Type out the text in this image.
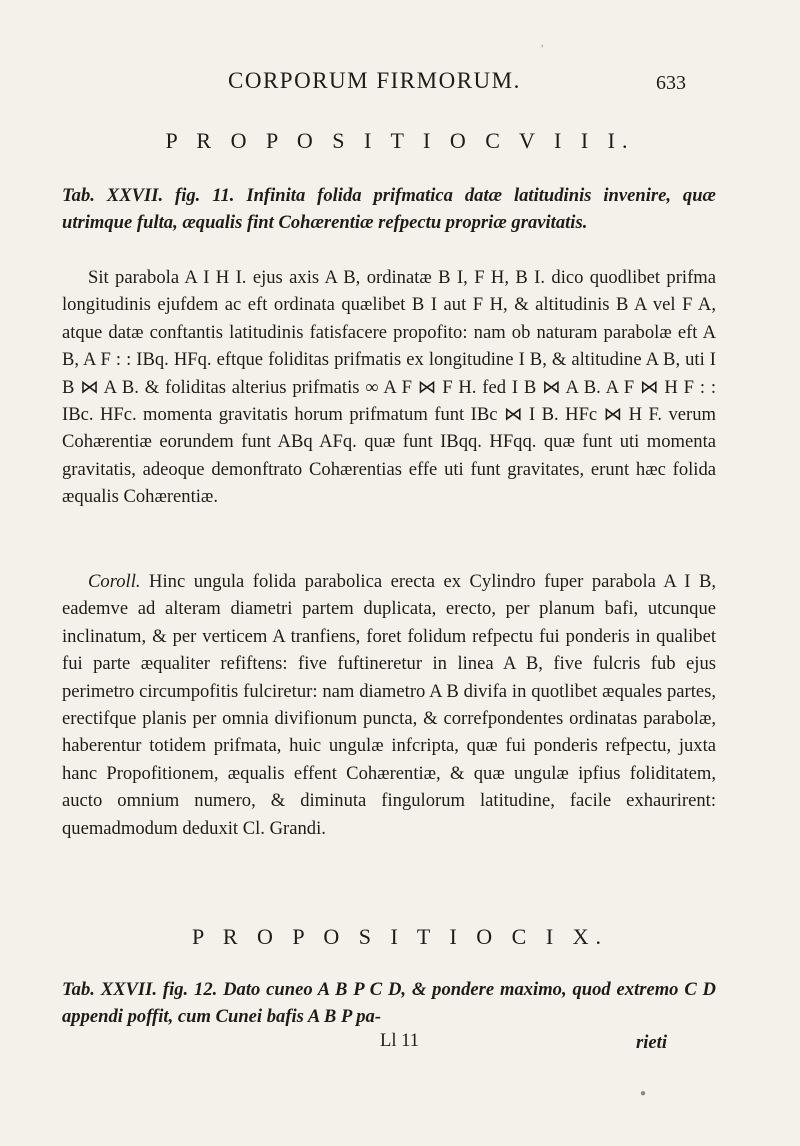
CORPORUM FIRMORUM.	633
P R O P O S I T I O C V I I I.

Tab. XXVII. fig. 11. Infinita folida prifmatica datæ latitudinis invenire, quæ utrimque fulta, æqualis fint Cohærentiæ refpectu propriæ gravitatis.

Sit parabola A I H I. ejus axis A B, ordinatæ B I, F H, B I. dico quodlibet prifma longitudinis ejufdem ac eft ordinata quælibet B I aut F H, & altitudinis B A vel F A, atque datæ conftantis latitudinis fatisfacere propofito: nam ob naturam parabolæ eft A B, A F : : IBq. HFq. eftque foliditas prifmatis ex longitudine I B, & altitudine A B, uti I B ⋈ A B. & foliditas alterius prifmatis ∞ A F ⋈ F H. fed I B ⋈ A B. A F ⋈ H F : : IBc. HFc. momenta gravitatis horum prifmatum funt IBc ⋈ I B. HFc ⋈ H F. verum Cohærentiæ eorundem funt ABq AFq. quæ funt IBqq. HFqq. quæ funt uti momenta gravitatis, adeoque demonftrato Cohærentias effe uti funt gravitates, erunt hæc folida æqualis Cohærentiæ.

Coroll. Hinc ungula folida parabolica erecta ex Cylindro fuper parabola A I B, eademve ad alteram diametri partem duplicata, erecto, per planum bafi, utcunque inclinatum, & per verticem A tranfiens, foret folidum refpectu fui ponderis in qualibet fui parte æqualiter refiftens: five fuftineretur in linea A B, five fulcris fub ejus perimetro circumpofitis fulciretur: nam diametro A B divifa in quotlibet æquales partes, erectifque planis per omnia divifionum puncta, & correfpondentes ordinatas parabolæ, haberentur totidem prifmata, huic ungulæ infcripta, quæ fui ponderis refpectu, juxta hanc Propofitionem, æqualis effent Cohærentiæ, & quæ ungulæ ipfius foliditatem, aucto omnium numero, & diminuta fingulorum latitudine, facile exhaurirent: quemadmodum deduxit Cl. Grandi.

P R O P O S I T I O C I X.

Tab. XXVII. fig. 12. Dato cuneo A B P C D, & pondere maximo, quod extremo C D appendi poffit, cum Cunei bafis A B P pa-

Ll 11	rieti
,
●
